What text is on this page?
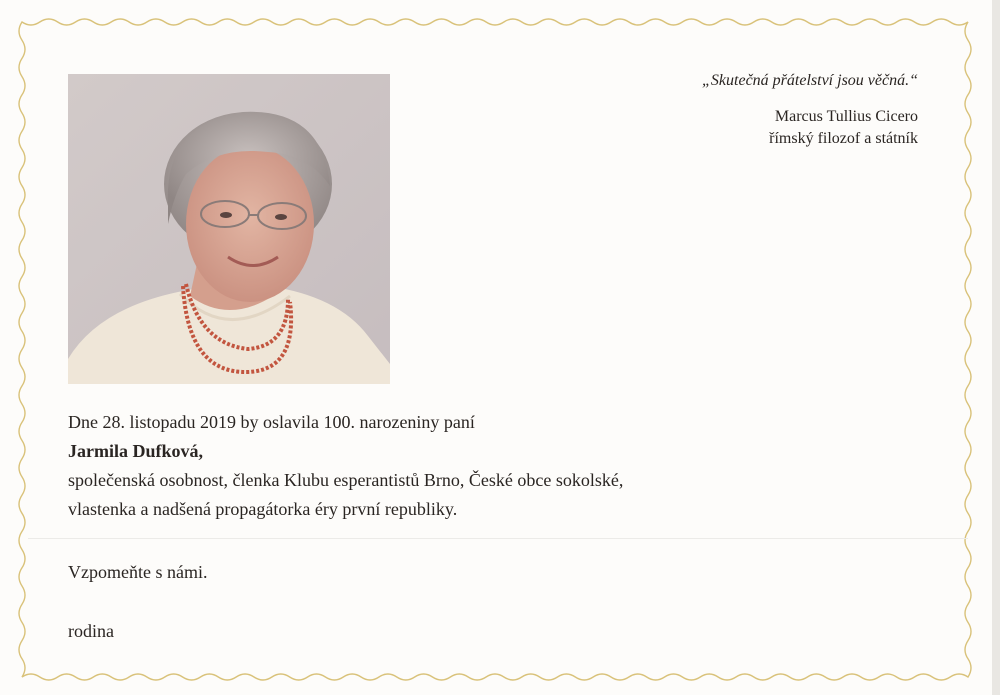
„Skutečná přátelství jsou věčná.“

Marcus Tullius Cicero

římský filozof a státník

Dne 28. listopadu 2019 by oslavila 100. narozeniny paní

Jarmila Dufková,

společenská osobnost, členka Klubu esperantistů Brno, České obce sokolské,

vlastenka a nadšená propagátorka éry první republiky.

Vzpomeňte s námi.

rodina
